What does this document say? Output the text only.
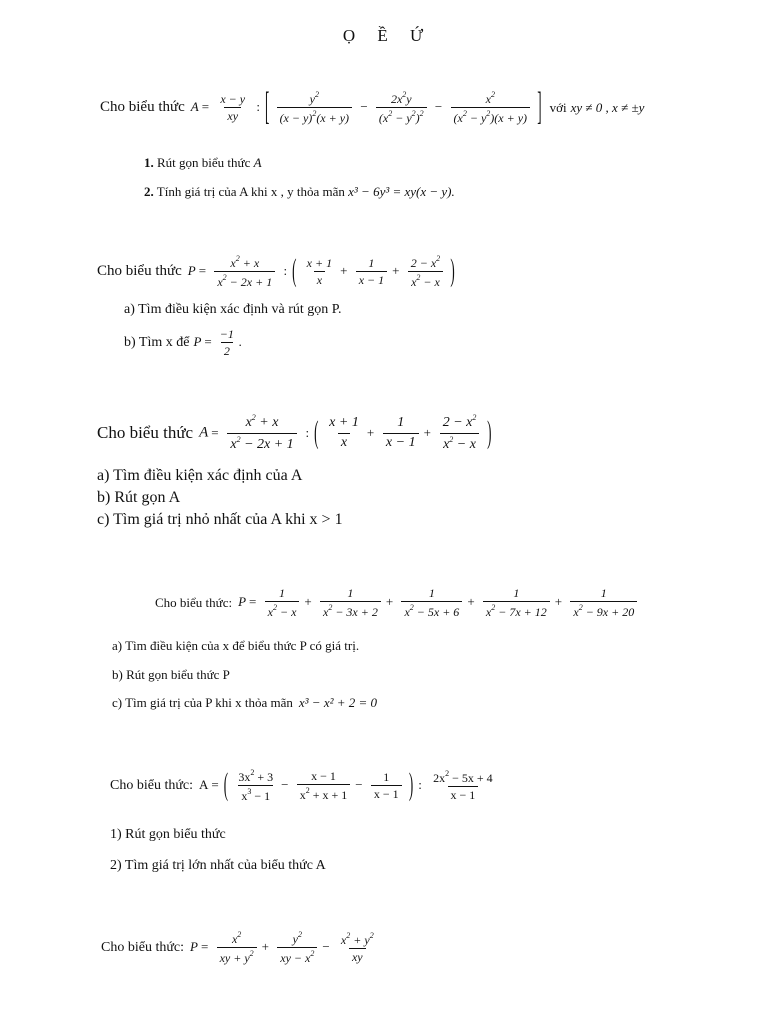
Ọ Ề Ứ
Cho biểu thức $A = \frac{x - y}{xy}$ : [ $\frac{y^2}{(x - y)^2(x + y)} - \frac{2x^2y}{(x^2 - y^2)^2} - \frac{x^2}{(x^2 - y^2)(x + y)}$ ] với xy ≠ 0 , x ≠ ±y
1. Rút gọn biểu thức A
2. Tính giá trị của A khi x , y thỏa mãn x³ − 6y³ = xy(x − y).
Cho biểu thức $P = \frac{x^2 + x}{x^2 - 2x + 1}$ : ( $\frac{x + 1}{x} + \frac{1}{x - 1} + \frac{2 - x^2}{x^2 - x}$ )
a) Tìm điều kiện xác định và rút gọn P.
b) Tìm x để $P = \frac{-1}{2}$ .
Cho biểu thức $A = \frac{x^2 + x}{x^2 - 2x + 1}$ : ( $\frac{x + 1}{x} + \frac{1}{x - 1} + \frac{2 - x^2}{x^2 - x}$ )
a) Tìm điều kiện xác định của A
b) Rút gọn A
c) Tìm giá trị nhỏ nhất của A khi x > 1
Cho biểu thức: $P = \frac{1}{x^2 - x} + \frac{1}{x^2 - 3x + 2} + \frac{1}{x^2 - 5x + 6} + \frac{1}{x^2 - 7x + 12} + \frac{1}{x^2 - 9x + 20}$
a) Tìm điều kiện của x để biểu thức P có giá trị.
b) Rút gọn biểu thức P
c) Tìm giá trị của P khi x thỏa mãn x³ − x² + 2 = 0
Cho biểu thức: A = ( $\frac{3x^2 + 3}{x^3 - 1} - \frac{x - 1}{x^2 + x + 1} - \frac{1}{x - 1}$ ) : $\frac{2x^2 - 5x + 4}{x - 1}$
1) Rút gọn biểu thức
2) Tìm giá trị lớn nhất của biểu thức A
Cho biểu thức: $P = \frac{x^2}{xy + y^2} + \frac{y^2}{xy - x^2} - \frac{x^2 + y^2}{xy}$
